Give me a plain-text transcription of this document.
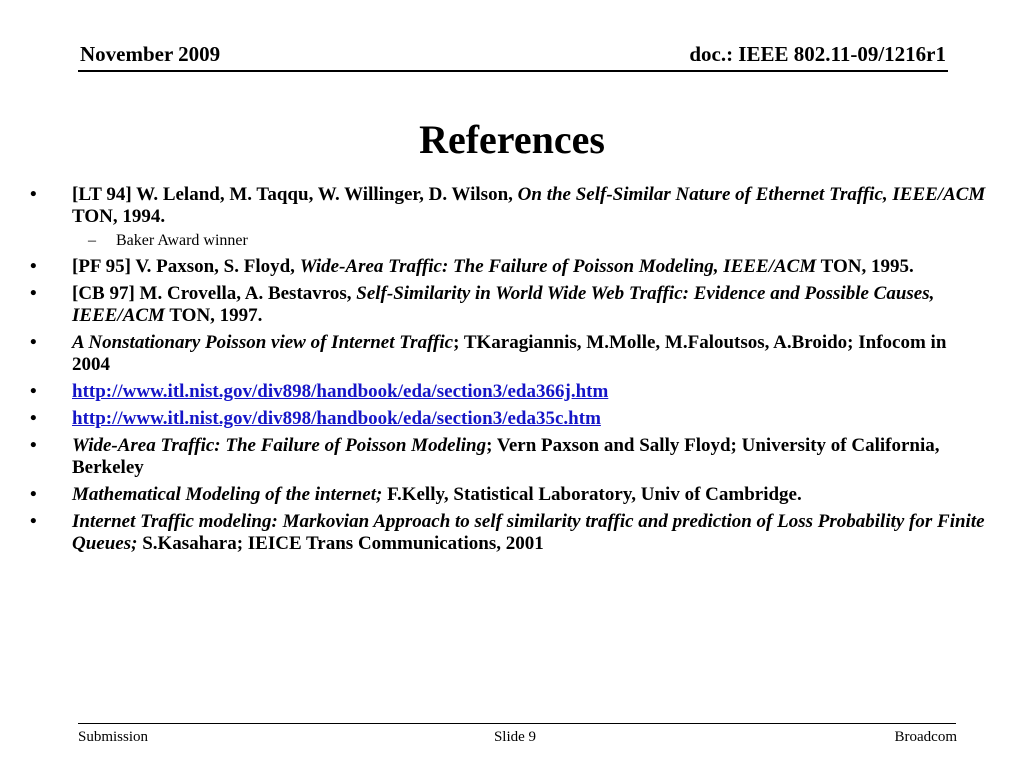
November 2009	doc.: IEEE 802.11-09/1216r1
References
• [LT 94] W. Leland, M. Taqqu, W. Willinger, D. Wilson, On the Self-Similar Nature of Ethernet Traffic, IEEE/ACM TON, 1994.
– Baker Award winner
• [PF 95] V. Paxson, S. Floyd, Wide-Area Traffic: The Failure of Poisson Modeling, IEEE/ACM TON, 1995.
• [CB 97] M. Crovella, A. Bestavros, Self-Similarity in World Wide Web Traffic: Evidence and Possible Causes, IEEE/ACM TON, 1997.
• A Nonstationary Poisson view of Internet Traffic; TKaragiannis, M.Molle, M.Faloutsos, A.Broido; Infocom in 2004
• http://www.itl.nist.gov/div898/handbook/eda/section3/eda366j.htm
• http://www.itl.nist.gov/div898/handbook/eda/section3/eda35c.htm
• Wide-Area Traffic: The Failure of Poisson Modeling; Vern Paxson and Sally Floyd; University of California, Berkeley
• Mathematical Modeling of the internet; F.Kelly, Statistical Laboratory, Univ of Cambridge.
• Internet Traffic modeling: Markovian Approach to self similarity traffic and prediction of Loss Probability for Finite Queues; S.Kasahara; IEICE Trans Communications, 2001
Submission	Slide 9	Broadcom
